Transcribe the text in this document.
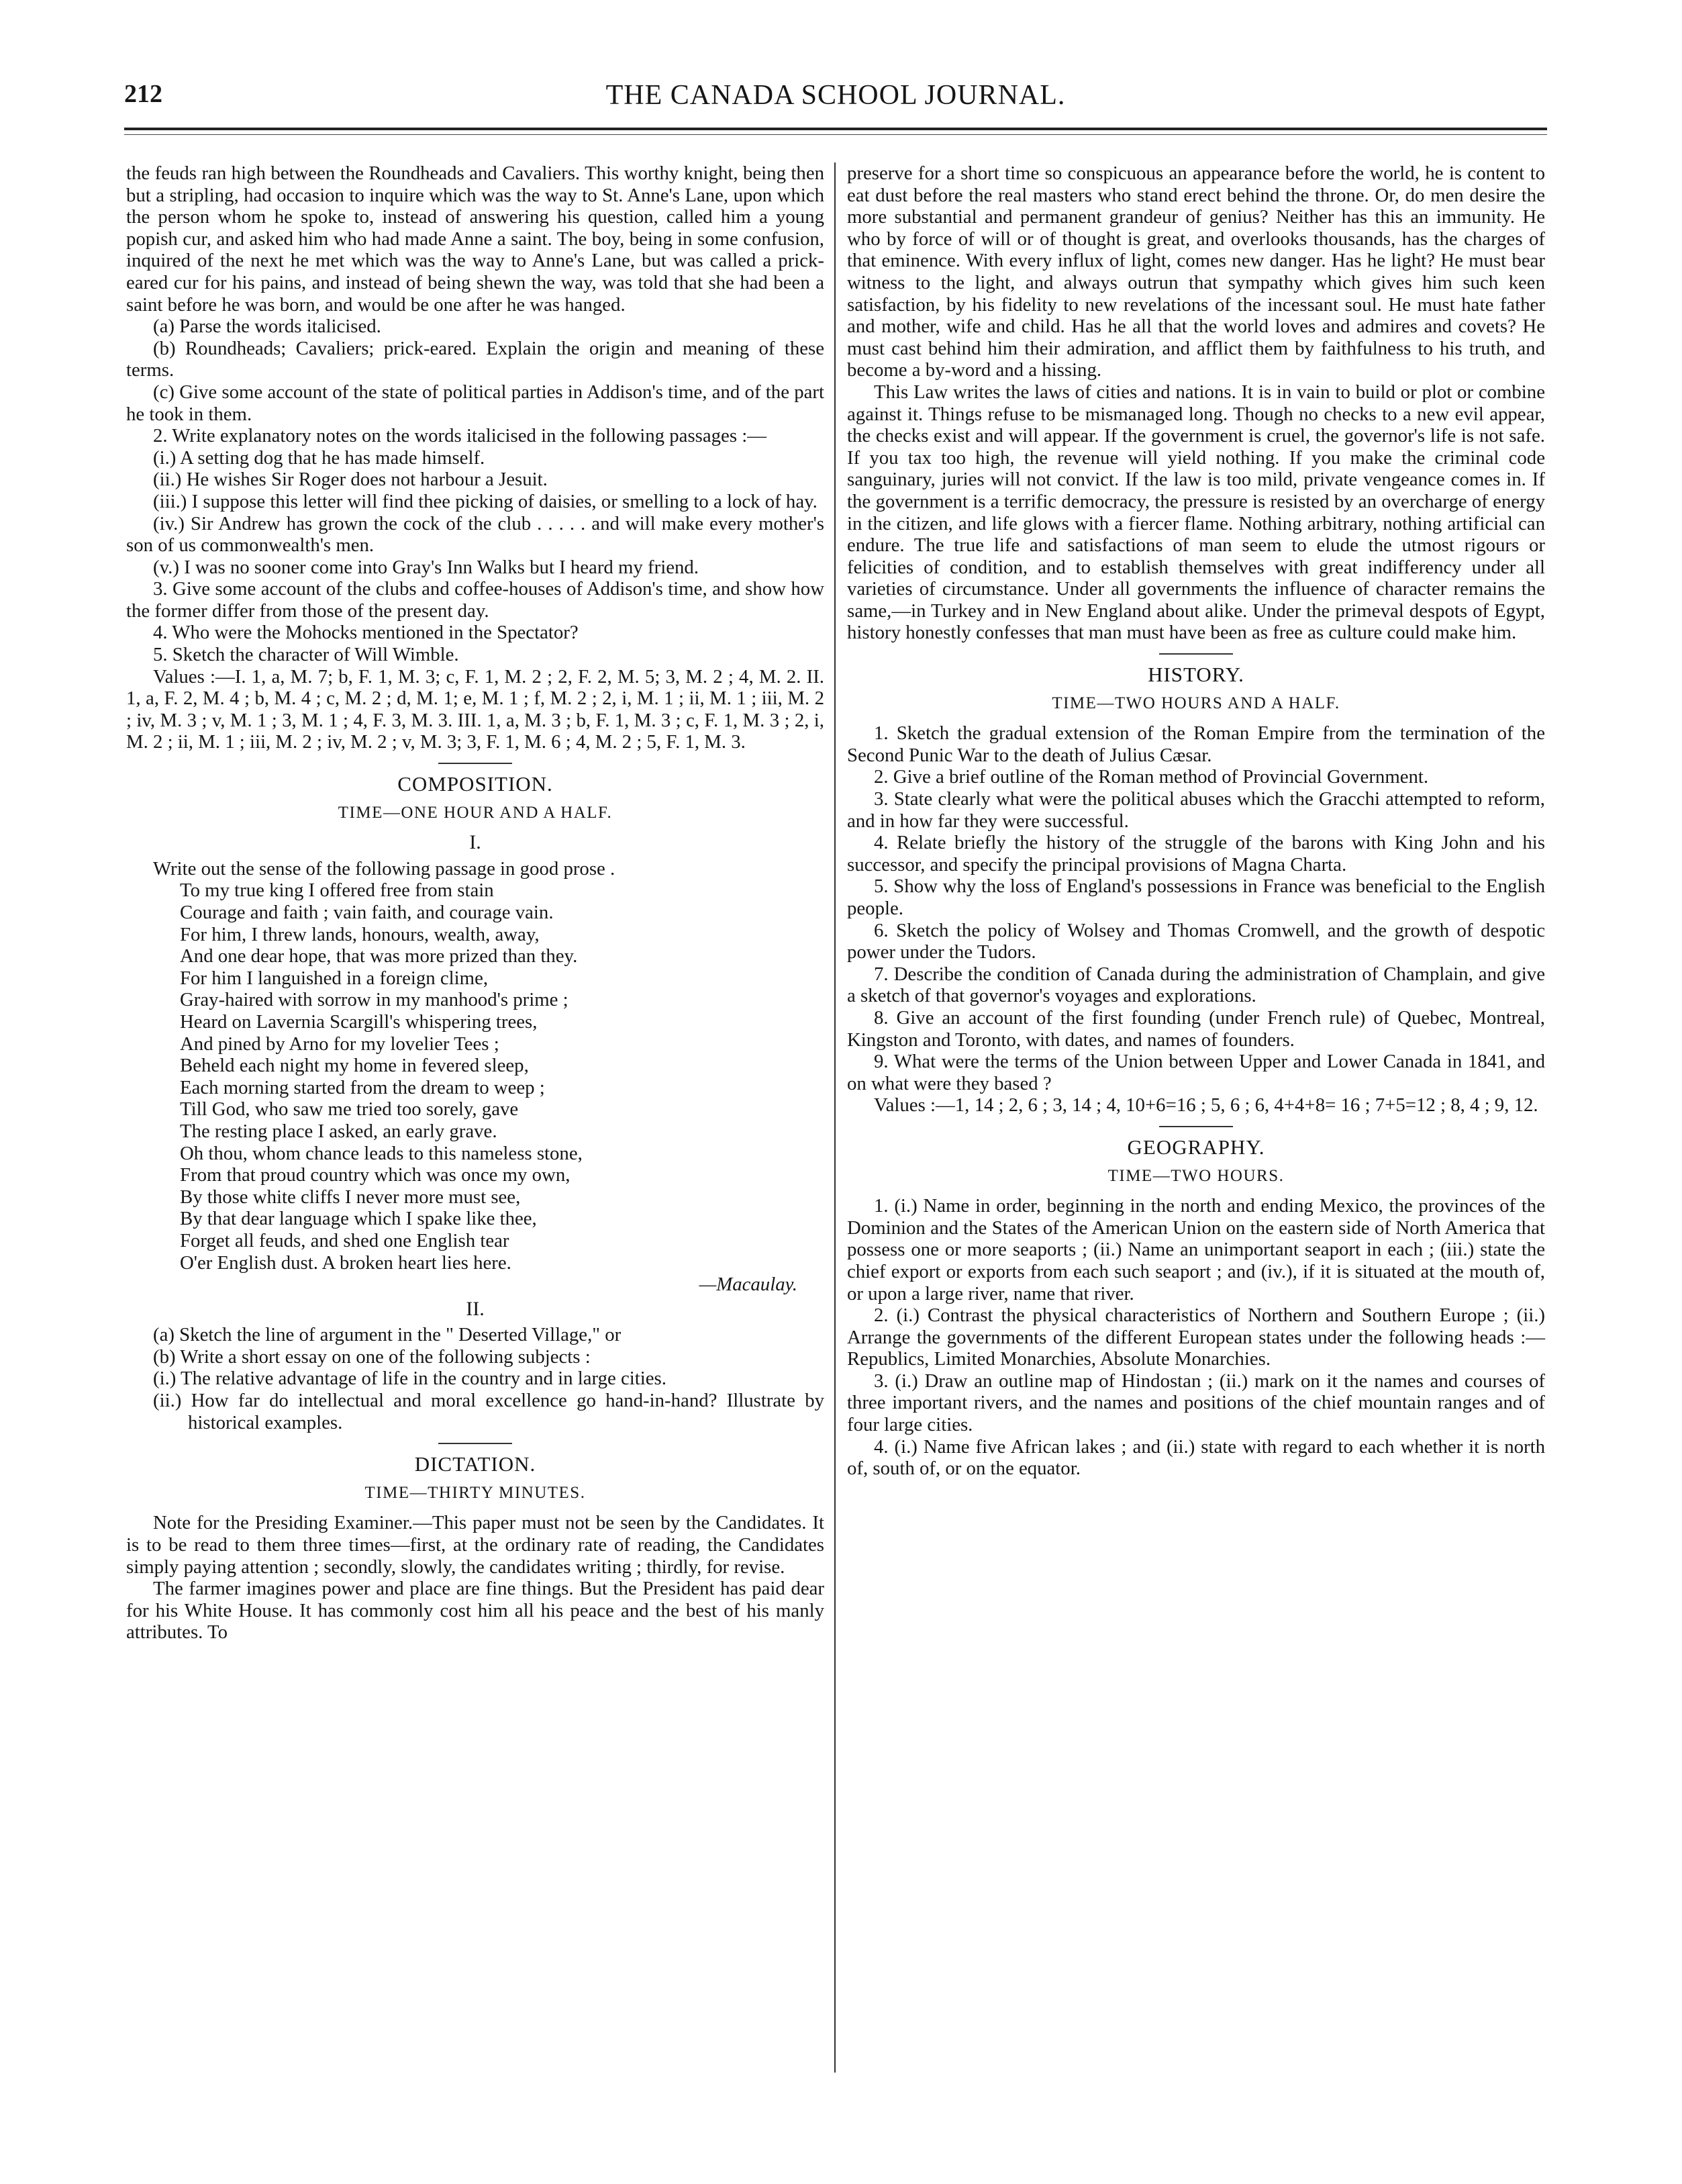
THE CANADA SCHOOL JOURNAL.
212

the feuds ran high between the Roundheads and Cavaliers. This worthy knight, being then but a stripling, had occasion to inquire which was the way to St. Anne's Lane, upon which the person whom he spoke to, instead of answering his question, called him a young popish cur, and asked him who had made Anne a saint. The boy, being in some confusion, inquired of the next he met which was the way to Anne's Lane, but was called a prick-eared cur for his pains, and instead of being shewn the way, was told that she had been a saint before he was born, and would be one after he was hanged.

(a) Parse the words italicised.

(b) Roundheads; Cavaliers; prick-eared. Explain the origin and meaning of these terms.

(c) Give some account of the state of political parties in Addison's time, and of the part he took in them.

2. Write explanatory notes on the words italicised in the following passages :—

(i.) A setting dog that he has made himself.

(ii.) He wishes Sir Roger does not harbour a Jesuit.

(iii.) I suppose this letter will find thee picking of daisies, or smelling to a lock of hay.

(iv.) Sir Andrew has grown the cock of the club . . . . . and will make every mother's son of us commonwealth's men.

(v.) I was no sooner come into Gray's Inn Walks but I heard my friend.

3. Give some account of the clubs and coffee-houses of Addison's time, and show how the former differ from those of the present day.

4. Who were the Mohocks mentioned in the Spectator?

5. Sketch the character of Will Wimble.

Values :—I. 1, a, M. 7; b, F. 1, M. 3; c, F. 1, M. 2 ; 2, F. 2, M. 5; 3, M. 2 ; 4, M. 2. II. 1, a, F. 2, M. 4 ; b, M. 4 ; c, M. 2 ; d, M. 1; e, M. 1 ; f, M. 2 ; 2, i, M. 1 ; ii, M. 1 ; iii, M. 2 ; iv, M. 3 ; v, M. 1 ; 3, M. 1 ; 4, F. 3, M. 3. III. 1, a, M. 3 ; b, F. 1, M. 3 ; c, F. 1, M. 3 ; 2, i, M. 2 ; ii, M. 1 ; iii, M. 2 ; iv, M. 2 ; v, M. 3; 3, F. 1, M. 6 ; 4, M. 2 ; 5, F. 1, M. 3.

COMPOSITION.

TIME—ONE HOUR AND A HALF.

I.

Write out the sense of the following passage in good prose .

To my true king I offered free from stain

Courage and faith ; vain faith, and courage vain.

For him, I threw lands, honours, wealth, away,

And one dear hope, that was more prized than they.

For him I languished in a foreign clime,

Gray-haired with sorrow in my manhood's prime ;

Heard on Lavernia Scargill's whispering trees,

And pined by Arno for my lovelier Tees ;

Beheld each night my home in fevered sleep,

Each morning started from the dream to weep ;

Till God, who saw me tried too sorely, gave

The resting place I asked, an early grave.

Oh thou, whom chance leads to this nameless stone,

From that proud country which was once my own,

By those white cliffs I never more must see,

By that dear language which I spake like thee,

Forget all feuds, and shed one English tear

O'er English dust. A broken heart lies here.

—Macaulay.

II.

(a) Sketch the line of argument in the " Deserted Village," or

(b) Write a short essay on one of the following subjects :

(i.) The relative advantage of life in the country and in large cities.

(ii.) How far do intellectual and moral excellence go hand-in-hand? Illustrate by historical examples.

DICTATION.

TIME—THIRTY MINUTES.

Note for the Presiding Examiner.—This paper must not be seen by the Candidates. It is to be read to them three times—first, at the ordinary rate of reading, the Candidates simply paying attention ; secondly, slowly, the candidates writing ; thirdly, for revise.

The farmer imagines power and place are fine things. But the President has paid dear for his White House. It has commonly cost him all his peace and the best of his manly attributes. To

preserve for a short time so conspicuous an appearance before the world, he is content to eat dust before the real masters who stand erect behind the throne. Or, do men desire the more substantial and permanent grandeur of genius? Neither has this an immunity. He who by force of will or of thought is great, and overlooks thousands, has the charges of that eminence. With every influx of light, comes new danger. Has he light? He must bear witness to the light, and always outrun that sympathy which gives him such keen satisfaction, by his fidelity to new revelations of the incessant soul. He must hate father and mother, wife and child. Has he all that the world loves and admires and covets? He must cast behind him their admiration, and afflict them by faithfulness to his truth, and become a by-word and a hissing.

This Law writes the laws of cities and nations. It is in vain to build or plot or combine against it. Things refuse to be mismanaged long. Though no checks to a new evil appear, the checks exist and will appear. If the government is cruel, the governor's life is not safe. If you tax too high, the revenue will yield nothing. If you make the criminal code sanguinary, juries will not convict. If the law is too mild, private vengeance comes in. If the government is a terrific democracy, the pressure is resisted by an overcharge of energy in the citizen, and life glows with a fiercer flame. Nothing arbitrary, nothing artificial can endure. The true life and satisfactions of man seem to elude the utmost rigours or felicities of condition, and to establish themselves with great indifferency under all varieties of circumstance. Under all governments the influence of character remains the same,—in Turkey and in New England about alike. Under the primeval despots of Egypt, history honestly confesses that man must have been as free as culture could make him.

HISTORY.

TIME—TWO HOURS AND A HALF.

1. Sketch the gradual extension of the Roman Empire from the termination of the Second Punic War to the death of Julius Cæsar.

2. Give a brief outline of the Roman method of Provincial Government.

3. State clearly what were the political abuses which the Gracchi attempted to reform, and in how far they were successful.

4. Relate briefly the history of the struggle of the barons with King John and his successor, and specify the principal provisions of Magna Charta.

5. Show why the loss of England's possessions in France was beneficial to the English people.

6. Sketch the policy of Wolsey and Thomas Cromwell, and the growth of despotic power under the Tudors.

7. Describe the condition of Canada during the administration of Champlain, and give a sketch of that governor's voyages and explorations.

8. Give an account of the first founding (under French rule) of Quebec, Montreal, Kingston and Toronto, with dates, and names of founders.

9. What were the terms of the Union between Upper and Lower Canada in 1841, and on what were they based ?

Values :—1, 14 ; 2, 6 ; 3, 14 ; 4, 10+6=16 ; 5, 6 ; 6, 4+4+8= 16 ; 7+5=12 ; 8, 4 ; 9, 12.

GEOGRAPHY.

TIME—TWO HOURS.

1. (i.) Name in order, beginning in the north and ending Mexico, the provinces of the Dominion and the States of the American Union on the eastern side of North America that possess one or more seaports ; (ii.) Name an unimportant seaport in each ; (iii.) state the chief export or exports from each such seaport ; and (iv.), if it is situated at the mouth of, or upon a large river, name that river.

2. (i.) Contrast the physical characteristics of Northern and Southern Europe ; (ii.) Arrange the governments of the different European states under the following heads :—Republics, Limited Monarchies, Absolute Monarchies.

3. (i.) Draw an outline map of Hindostan ; (ii.) mark on it the names and courses of three important rivers, and the names and positions of the chief mountain ranges and of four large cities.

4. (i.) Name five African lakes ; and (ii.) state with regard to each whether it is north of, south of, or on the equator.
